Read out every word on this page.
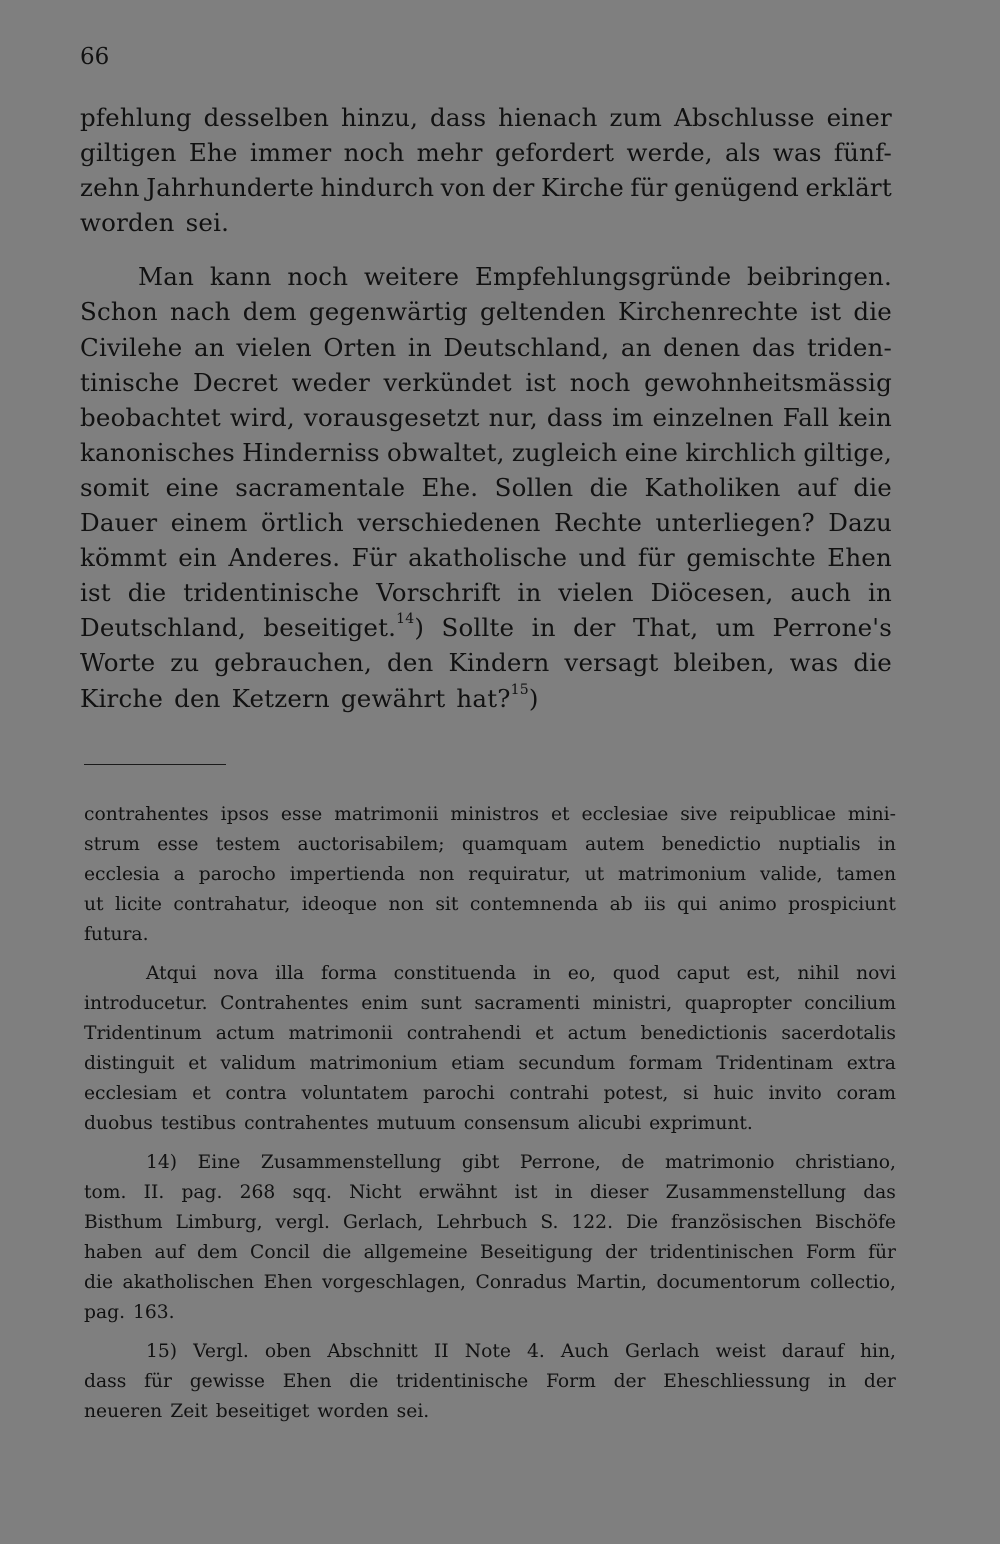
66
pfehlung desselben hinzu, dass hienach zum Abschlusse einer
giltigen Ehe immer noch mehr gefordert werde, als was fünf-
zehn Jahrhunderte hindurch von der Kirche für genügend erklärt
worden sei.
Man kann noch weitere Empfehlungsgründe beibringen.
Schon nach dem gegenwärtig geltenden Kirchenrechte ist die
Civilehe an vielen Orten in Deutschland, an denen das triden-
tinische Decret weder verkündet ist noch gewohnheitsmässig
beobachtet wird, vorausgesetzt nur, dass im einzelnen Fall kein
kanonisches Hinderniss obwaltet, zugleich eine kirchlich giltige,
somit eine sacramentale Ehe. Sollen die Katholiken auf die
Dauer einem örtlich verschiedenen Rechte unterliegen? Dazu
kömmt ein Anderes. Für akatholische und für gemischte Ehen
ist die tridentinische Vorschrift in vielen Diöcesen, auch in
Deutschland, beseitiget.$^{14}$) Sollte in der That, um Perrone's
Worte zu gebrauchen, den Kindern versagt bleiben, was die
Kirche den Ketzern gewährt hat?$^{15}$)
contrahentes ipsos esse matrimonii ministros et ecclesiae sive reipublicae mini-
strum esse testem auctorisabilem; quamquam autem benedictio nuptialis in
ecclesia a parocho impertienda non requiratur, ut matrimonium valide, tamen
ut licite contrahatur, ideoque non sit contemnenda ab iis qui animo prospiciunt
futura.
Atqui nova illa forma constituenda in eo, quod caput est, nihil novi
introducetur. Contrahentes enim sunt sacramenti ministri, quapropter concilium
Tridentinum actum matrimonii contrahendi et actum benedictionis sacerdotalis
distinguit et validum matrimonium etiam secundum formam Tridentinam extra
ecclesiam et contra voluntatem parochi contrahi potest, si huic invito coram
duobus testibus contrahentes mutuum consensum alicubi exprimunt.
14) Eine Zusammenstellung gibt Perrone, de matrimonio christiano,
tom. II. pag. 268 sqq. Nicht erwähnt ist in dieser Zusammenstellung das
Bisthum Limburg, vergl. Gerlach, Lehrbuch S. 122. Die französischen Bischöfe
haben auf dem Concil die allgemeine Beseitigung der tridentinischen Form für
die akatholischen Ehen vorgeschlagen, Conradus Martin, documentorum collectio,
pag. 163.
15) Vergl. oben Abschnitt II Note 4. Auch Gerlach weist darauf hin,
dass für gewisse Ehen die tridentinische Form der Eheschliessung in der
neueren Zeit beseitiget worden sei.
